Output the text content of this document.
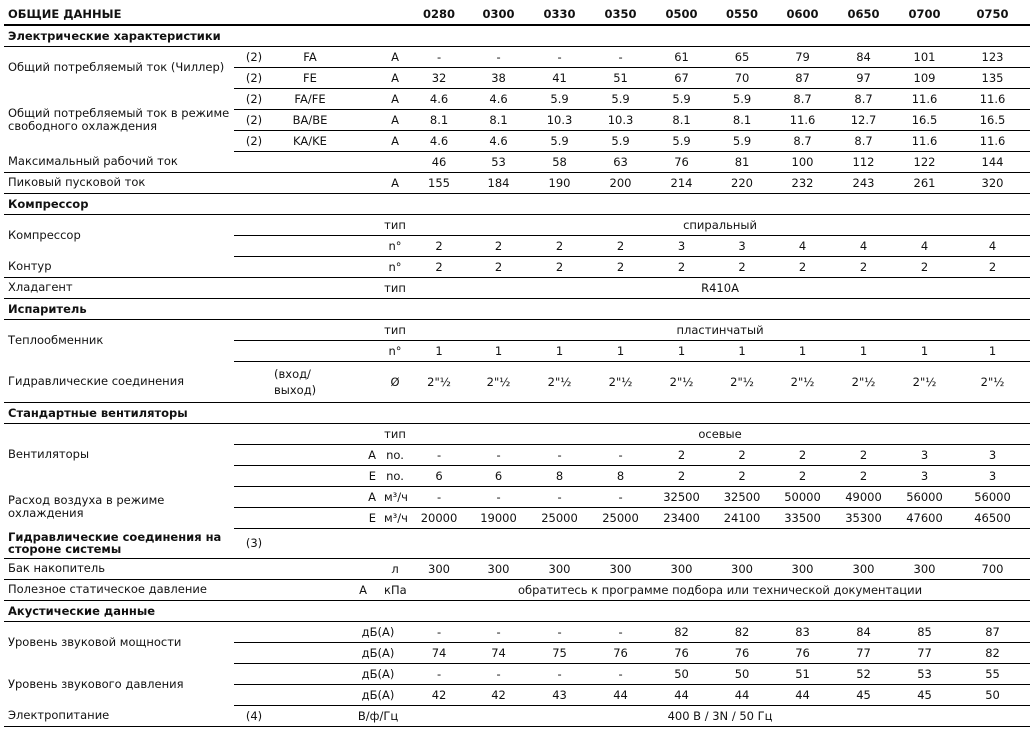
ОБЩИЕ ДАННЫЕ					0280	0300	0330	0350	0500	0550	0600	0650	0700	0750
Электрические характеристики														
Общий потребляемый ток (Чиллер)	(2)	FA		A	-	-	-	-	61	65	79	84	101	123
	(2)	FE		A	32	38	41	51	67	70	87	97	109	135
Общий потребляемый ток в режиме свободного охлаждения	(2)	FA/FE		A	4.6	4.6	5.9	5.9	5.9	5.9	8.7	8.7	11.6	11.6
	(2)	BA/BE		A	8.1	8.1	10.3	10.3	8.1	8.1	11.6	12.7	16.5	16.5
	(2)	KA/KE		A	4.6	4.6	5.9	5.9	5.9	5.9	8.7	8.7	11.6	11.6
Максимальный рабочий ток					46	53	58	63	76	81	100	112	122	144
Пиковый пусковой ток				A	155	184	190	200	214	220	232	243	261	320
Компрессор														
Компрессор				тип	спиральный									
				n°	2	2	2	2	3	3	4	4	4	4
Контур				n°	2	2	2	2	2	2	2	2	2	2
Хладагент				тип	R410A									
Испаритель														
Теплообменник				тип	пластинчатый									
				n°	1	1	1	1	1	1	1	1	1	1
Гидравлические соединения	(вход/ выход)			Ø	2"½	2"½	2"½	2"½	2"½	2"½	2"½	2"½	2"½	2"½
Стандартные вентиляторы														
Вентиляторы				тип	осевые									
			A	no.	-	-	-	-	2	2	2	2	3	3
			E	no.	6	6	8	8	2	2	2	2	3	3
Расход воздуха в режиме охлаждения			A	м³/ч	-	-	-	-	32500	32500	50000	49000	56000	56000
			E	м³/ч	20000	19000	25000	25000	23400	24100	33500	35300	47600	46500
Гидравлические соединения на стороне системы	(3)													
Бак накопитель				л	300	300	300	300	300	300	300	300	300	700
Полезное статическое давление			A	кПа	обратитесь к программе подбора или технической документации									
Акустические данные														
Уровень звуковой мощности			дБ(A)		-	-	-	-	82	82	83	84	85	87
			дБ(A)		74	74	75	76	76	76	76	77	77	82
Уровень звукового давления			дБ(A)		-	-	-	-	50	50	51	52	53	55
			дБ(A)		42	42	43	44	44	44	44	45	45	50
Электропитание	(4)		В/ф/Гц		400 В / 3N / 50 Гц									
